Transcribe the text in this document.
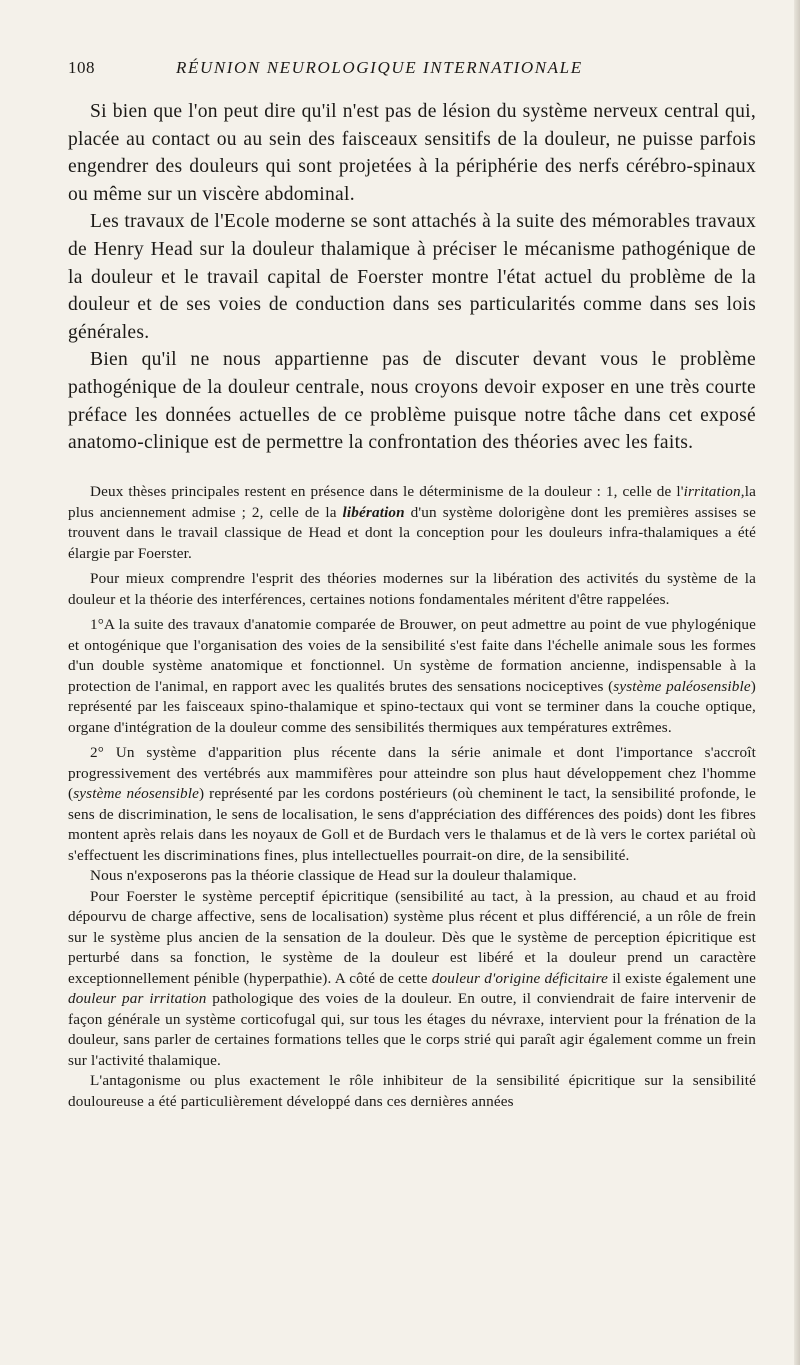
108	RÉUNION NEUROLOGIQUE INTERNATIONALE

Si bien que l'on peut dire qu'il n'est pas de lésion du système nerveux central qui, placée au contact ou au sein des faisceaux sensitifs de la douleur, ne puisse parfois engendrer des douleurs qui sont projetées à la périphérie des nerfs cérébro-spinaux ou même sur un viscère abdominal.

Les travaux de l'Ecole moderne se sont attachés à la suite des mémorables travaux de Henry Head sur la douleur thalamique à préciser le mécanisme pathogénique de la douleur et le travail capital de Foerster montre l'état actuel du problème de la douleur et de ses voies de conduction dans ses particularités comme dans ses lois générales.

Bien qu'il ne nous appartienne pas de discuter devant vous le problème pathogénique de la douleur centrale, nous croyons devoir exposer en une très courte préface les données actuelles de ce problème puisque notre tâche dans cet exposé anatomo-clinique est de permettre la confrontation des théories avec les faits.

Deux thèses principales restent en présence dans le déterminisme de la douleur : 1, celle de l'irritation,la plus anciennement admise ; 2, celle de la libération d'un système dolorigène dont les premières assises se trouvent dans le travail classique de Head et dont la conception pour les douleurs infra-thalamiques a été élargie par Foerster.

Pour mieux comprendre l'esprit des théories modernes sur la libération des activités du système de la douleur et la théorie des interférences, certaines notions fondamentales méritent d'être rappelées.

1°A la suite des travaux d'anatomie comparée de Brouwer, on peut admettre au point de vue phylogénique et ontogénique que l'organisation des voies de la sensibilité s'est faite dans l'échelle animale sous les formes d'un double système anatomique et fonctionnel. Un système de formation ancienne, indispensable à la protection de l'animal, en rapport avec les qualités brutes des sensations nociceptives (système paléosensible) représenté par les faisceaux spino-thalamique et spino-tectaux qui vont se terminer dans la couche optique, organe d'intégration de la douleur comme des sensibilités thermiques aux températures extrêmes.

2° Un système d'apparition plus récente dans la série animale et dont l'importance s'accroît progressivement des vertébrés aux mammifères pour atteindre son plus haut développement chez l'homme (système néosensible) représenté par les cordons postérieurs (où cheminent le tact, la sensibilité profonde, le sens de discrimination, le sens de localisation, le sens d'appréciation des différences des poids) dont les fibres montent après relais dans les noyaux de Goll et de Burdach vers le thalamus et de là vers le cortex pariétal où s'effectuent les discriminations fines, plus intellectuelles pourrait-on dire, de la sensibilité.

Nous n'exposerons pas la théorie classique de Head sur la douleur thalamique.

Pour Foerster le système perceptif épicritique (sensibilité au tact, à la pression, au chaud et au froid dépourvu de charge affective, sens de localisation) système plus récent et plus différencié, a un rôle de frein sur le système plus ancien de la sensation de la douleur. Dès que le système de perception épicritique est perturbé dans sa fonction, le système de la douleur est libéré et la douleur prend un caractère exceptionnellement pénible (hyperpathie). A côté de cette douleur d'origine déficitaire il existe également une douleur par irritation pathologique des voies de la douleur. En outre, il conviendrait de faire intervenir de façon générale un système corticofugal qui, sur tous les étages du névraxe, intervient pour la frénation de la douleur, sans parler de certaines formations telles que le corps strié qui paraît agir également comme un frein sur l'activité thalamique.

L'antagonisme ou plus exactement le rôle inhibiteur de la sensibilité épicritique sur la sensibilité douloureuse a été particulièrement développé dans ces dernières années
